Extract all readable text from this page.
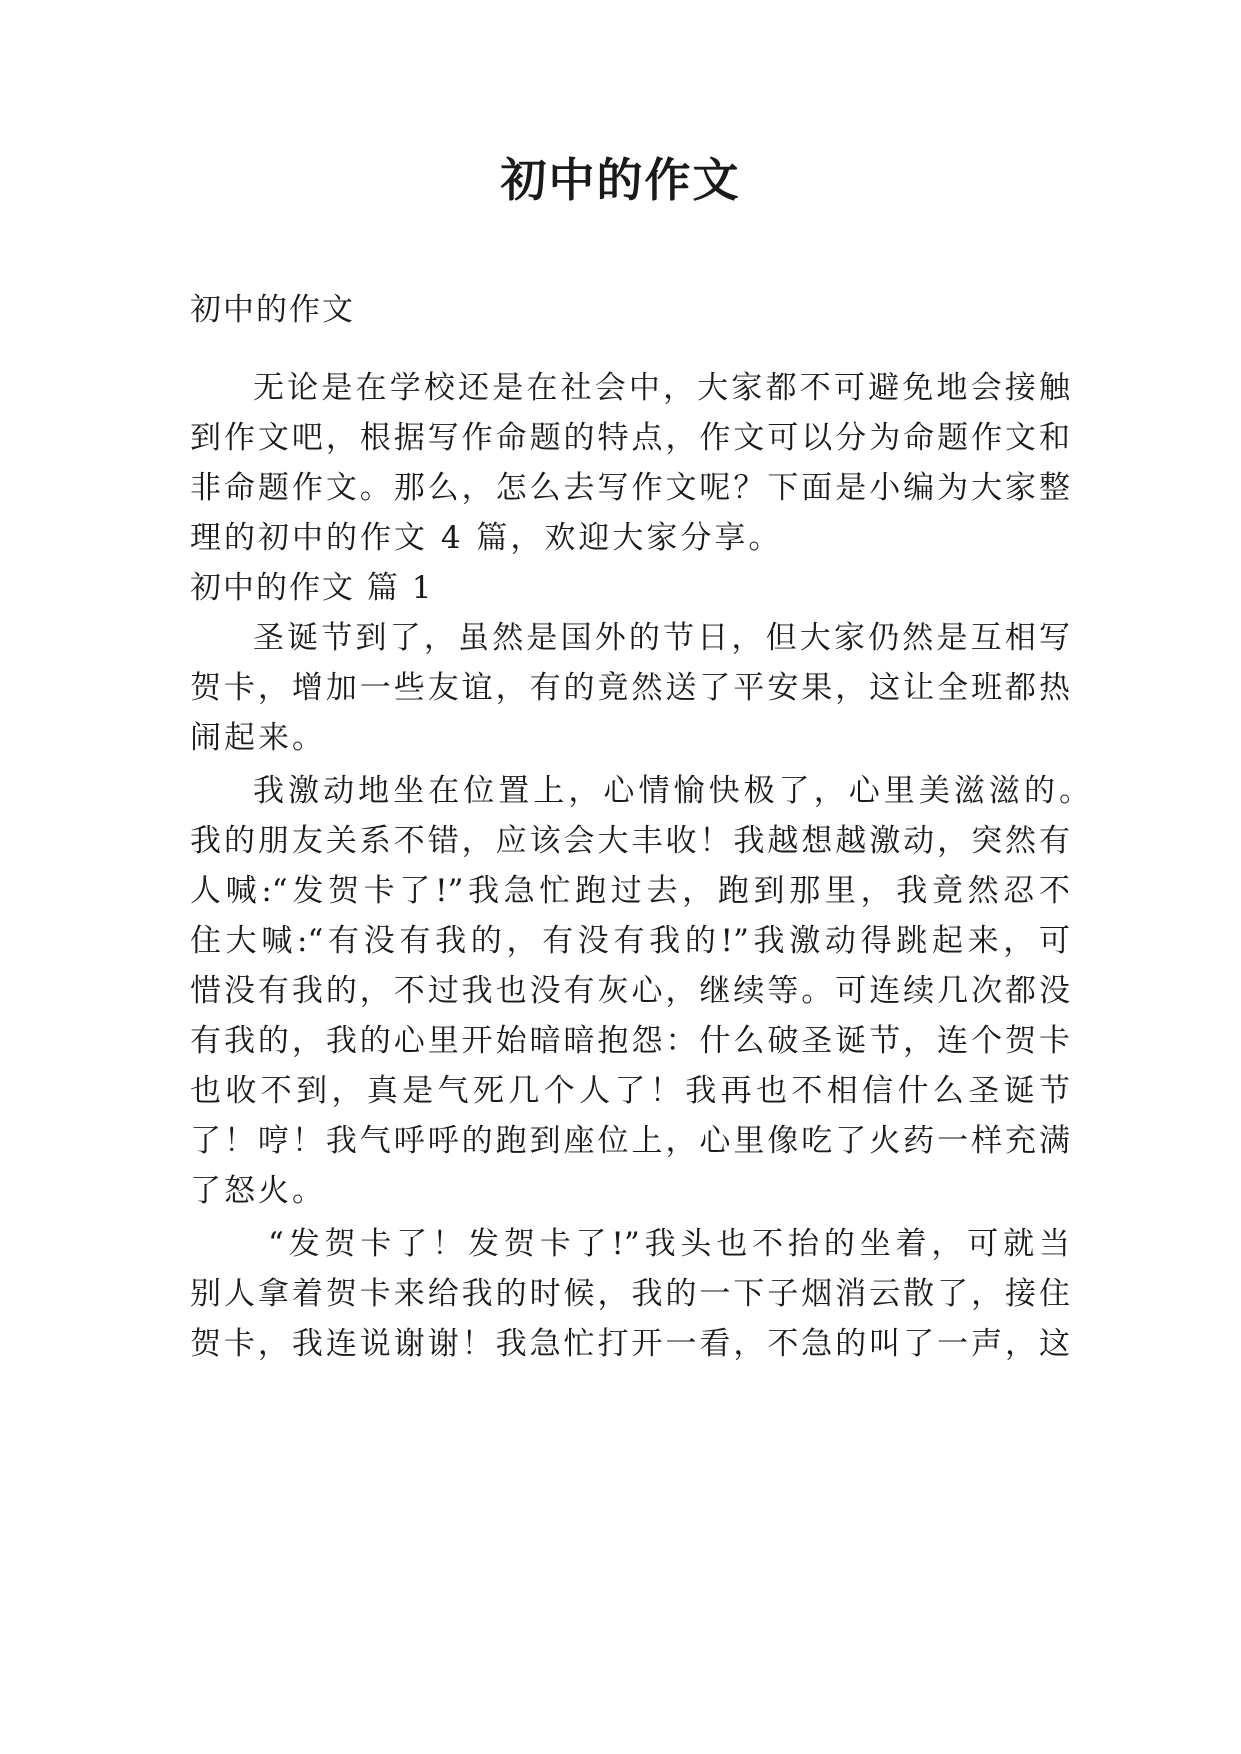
初中的作文
初中的作文
无论是在学校还是在社会中，大家都不可避免地会接触
到作文吧，根据写作命题的特点，作文可以分为命题作文和
非命题作文。那么，怎么去写作文呢？下面是小编为大家整
理的初中的作文 4 篇，欢迎大家分享。
初中的作文 篇 1
圣诞节到了，虽然是国外的节日，但大家仍然是互相写
贺卡，增加一些友谊，有的竟然送了平安果，这让全班都热
闹起来。
我激动地坐在位置上，心情愉快极了，心里美滋滋的。
我的朋友关系不错，应该会大丰收！我越想越激动，突然有
人喊:“发贺卡了!”我急忙跑过去，跑到那里，我竟然忍不
住大喊:“有没有我的，有没有我的!”我激动得跳起来，可
惜没有我的，不过我也没有灰心，继续等。可连续几次都没
有我的，我的心里开始暗暗抱怨：什么破圣诞节，连个贺卡
也收不到，真是气死几个人了！我再也不相信什么圣诞节
了！哼！我气呼呼的跑到座位上，心里像吃了火药一样充满
了怒火。
“发贺卡了！发贺卡了!”我头也不抬的坐着，可就当
别人拿着贺卡来给我的时候，我的一下子烟消云散了，接住
贺卡，我连说谢谢！我急忙打开一看，不急的叫了一声，这
